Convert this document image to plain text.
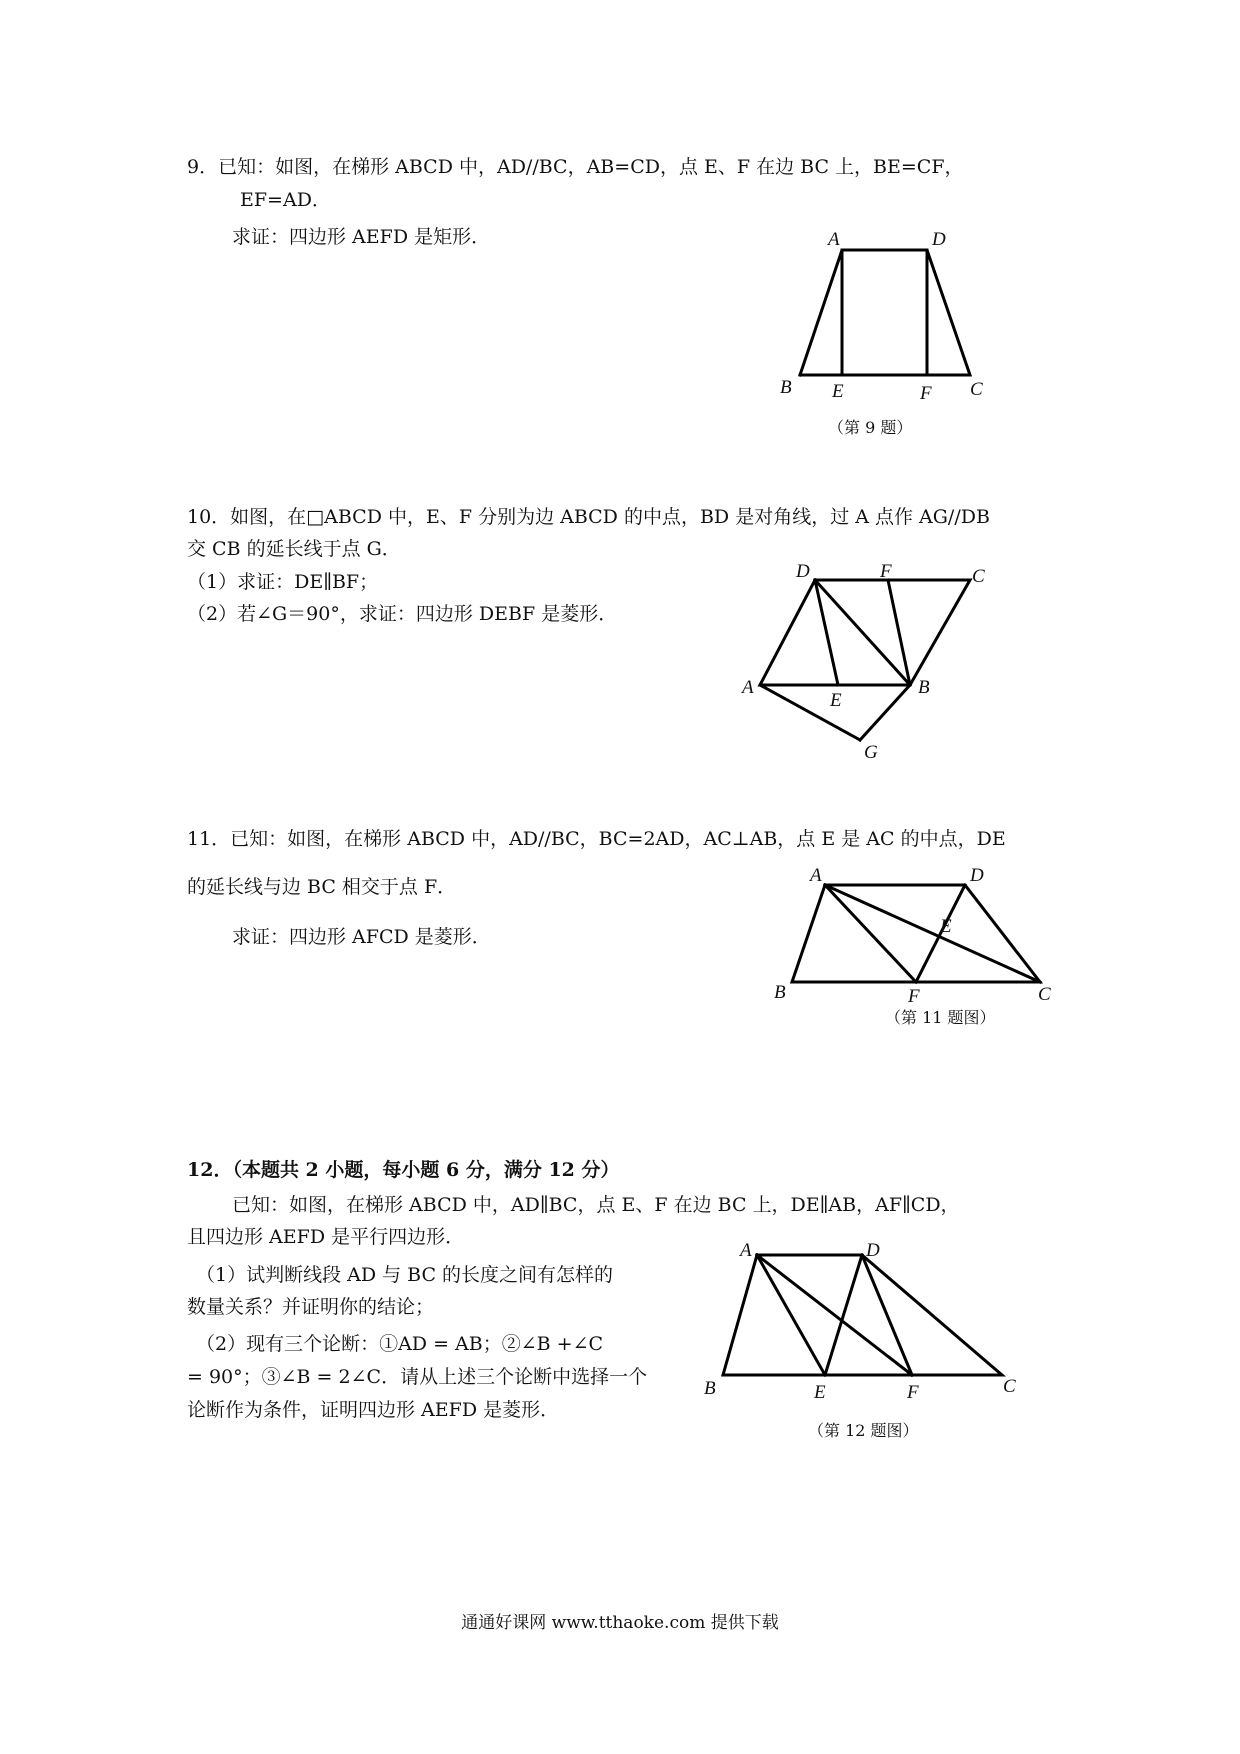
9．已知：如图，在梯形 ABCD 中，AD//BC，AB=CD，点 E、F 在边 BC 上，BE=CF，
EF=AD．
求证：四边形 AEFD 是矩形．	A	D
B E	F C
（第 9 题）
10．如图，在□ABCD 中，E、F 分别为边 ABCD 的中点，BD 是对角线，过 A 点作 AG//DB
交 CB 的延长线于点 G．
（1）求证：DE∥BF；
（2）若∠G＝90°，求证：四边形 DEBF 是菱形．
D	F	C
A
E
B
G
11．已知：如图，在梯形 ABCD 中，AD//BC，BC=2AD，AC⊥AB，点 E 是 AC 的中点，DE
的延长线与边 BC 相交于点 F．
求证：四边形 AFCD 是菱形．
A	D
E
B	F	C
（第 11 题图）
12．（本题共 2 小题，每小题 6 分，满分 12 分）
已知：如图，在梯形 ABCD 中，AD∥BC，点 E、F 在边 BC 上，DE∥AB，AF∥CD，
且四边形 AEFD 是平行四边形．
（1）试判断线段 AD 与 BC 的长度之间有怎样的
数量关系？并证明你的结论；
（2）现有三个论断：①AD = AB；②∠B +∠C
= 90°；③∠B = 2∠C．请从上述三个论断中选择一个
论断作为条件，证明四边形 AEFD 是菱形．
A	D
B	E	F	C
（第 12 题图）
通通好课网 www.tthaoke.com 提供下载
